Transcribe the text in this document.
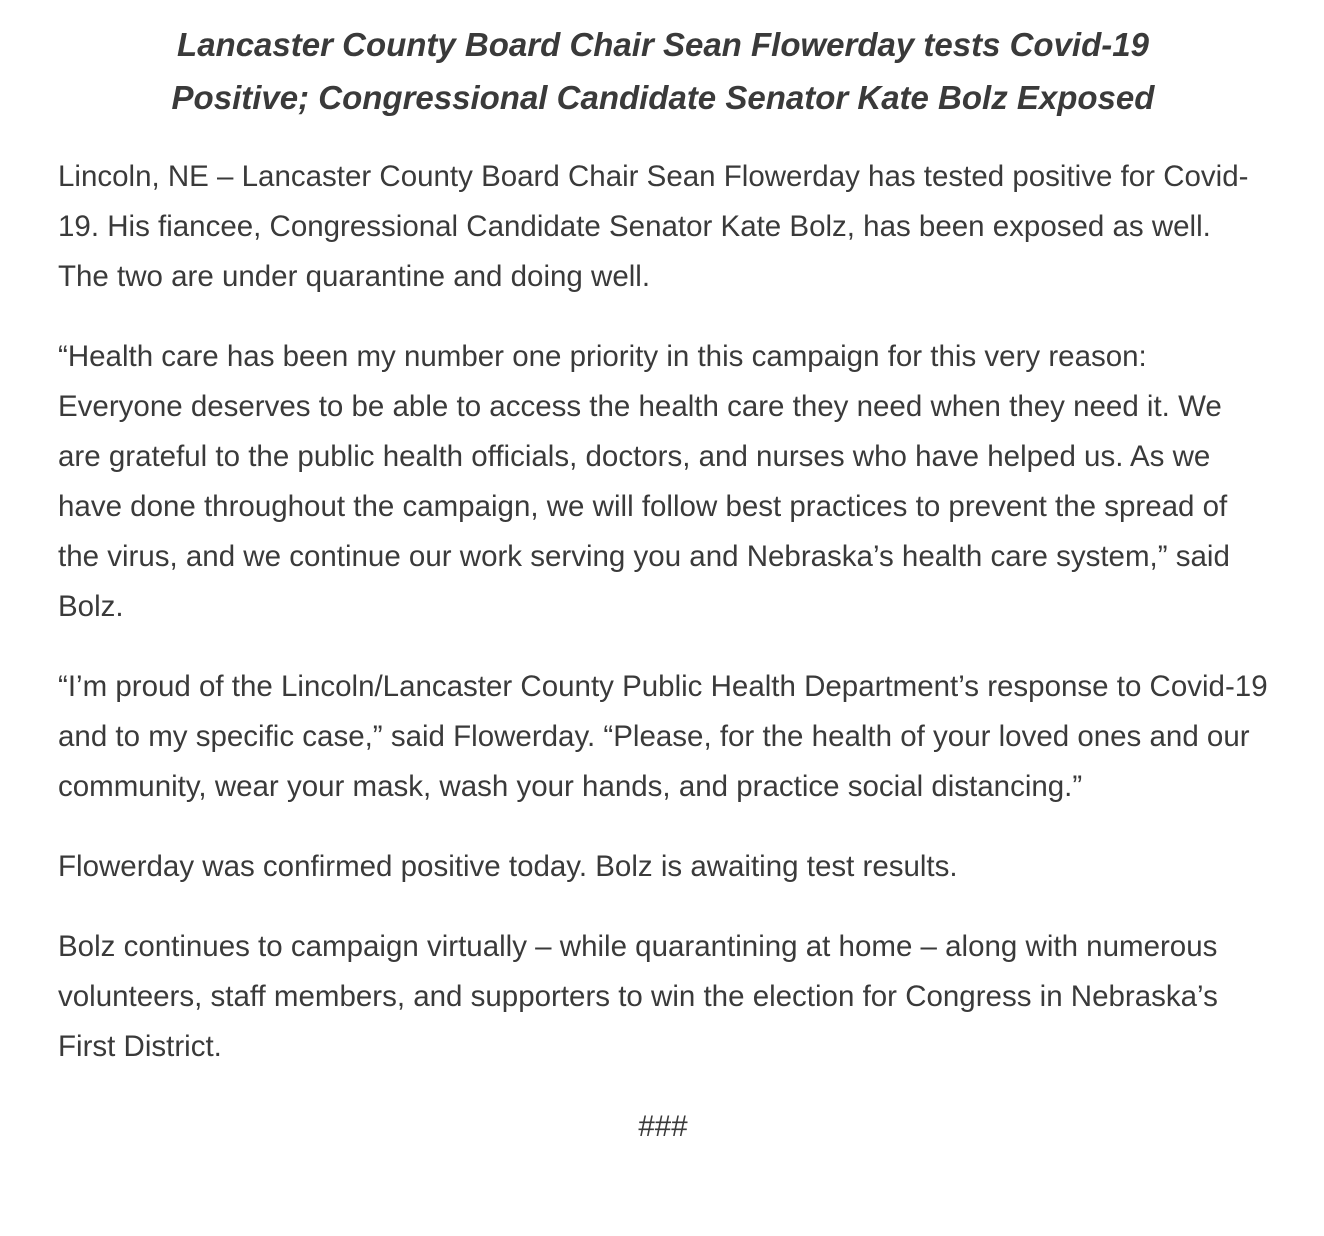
Lancaster County Board Chair Sean Flowerday tests Covid-19 Positive; Congressional Candidate Senator Kate Bolz Exposed

Lincoln, NE – Lancaster County Board Chair Sean Flowerday has tested positive for Covid-19. His fiancee, Congressional Candidate Senator Kate Bolz, has been exposed as well. The two are under quarantine and doing well.

“Health care has been my number one priority in this campaign for this very reason: Everyone deserves to be able to access the health care they need when they need it. We are grateful to the public health officials, doctors, and nurses who have helped us. As we have done throughout the campaign, we will follow best practices to prevent the spread of the virus, and we continue our work serving you and Nebraska’s health care system,” said Bolz.

“I’m proud of the Lincoln/Lancaster County Public Health Department’s response to Covid-19 and to my specific case,” said Flowerday. “Please, for the health of your loved ones and our community, wear your mask, wash your hands, and practice social distancing.”

Flowerday was confirmed positive today. Bolz is awaiting test results.

Bolz continues to campaign virtually – while quarantining at home – along with numerous volunteers, staff members, and supporters to win the election for Congress in Nebraska’s First District.

###
